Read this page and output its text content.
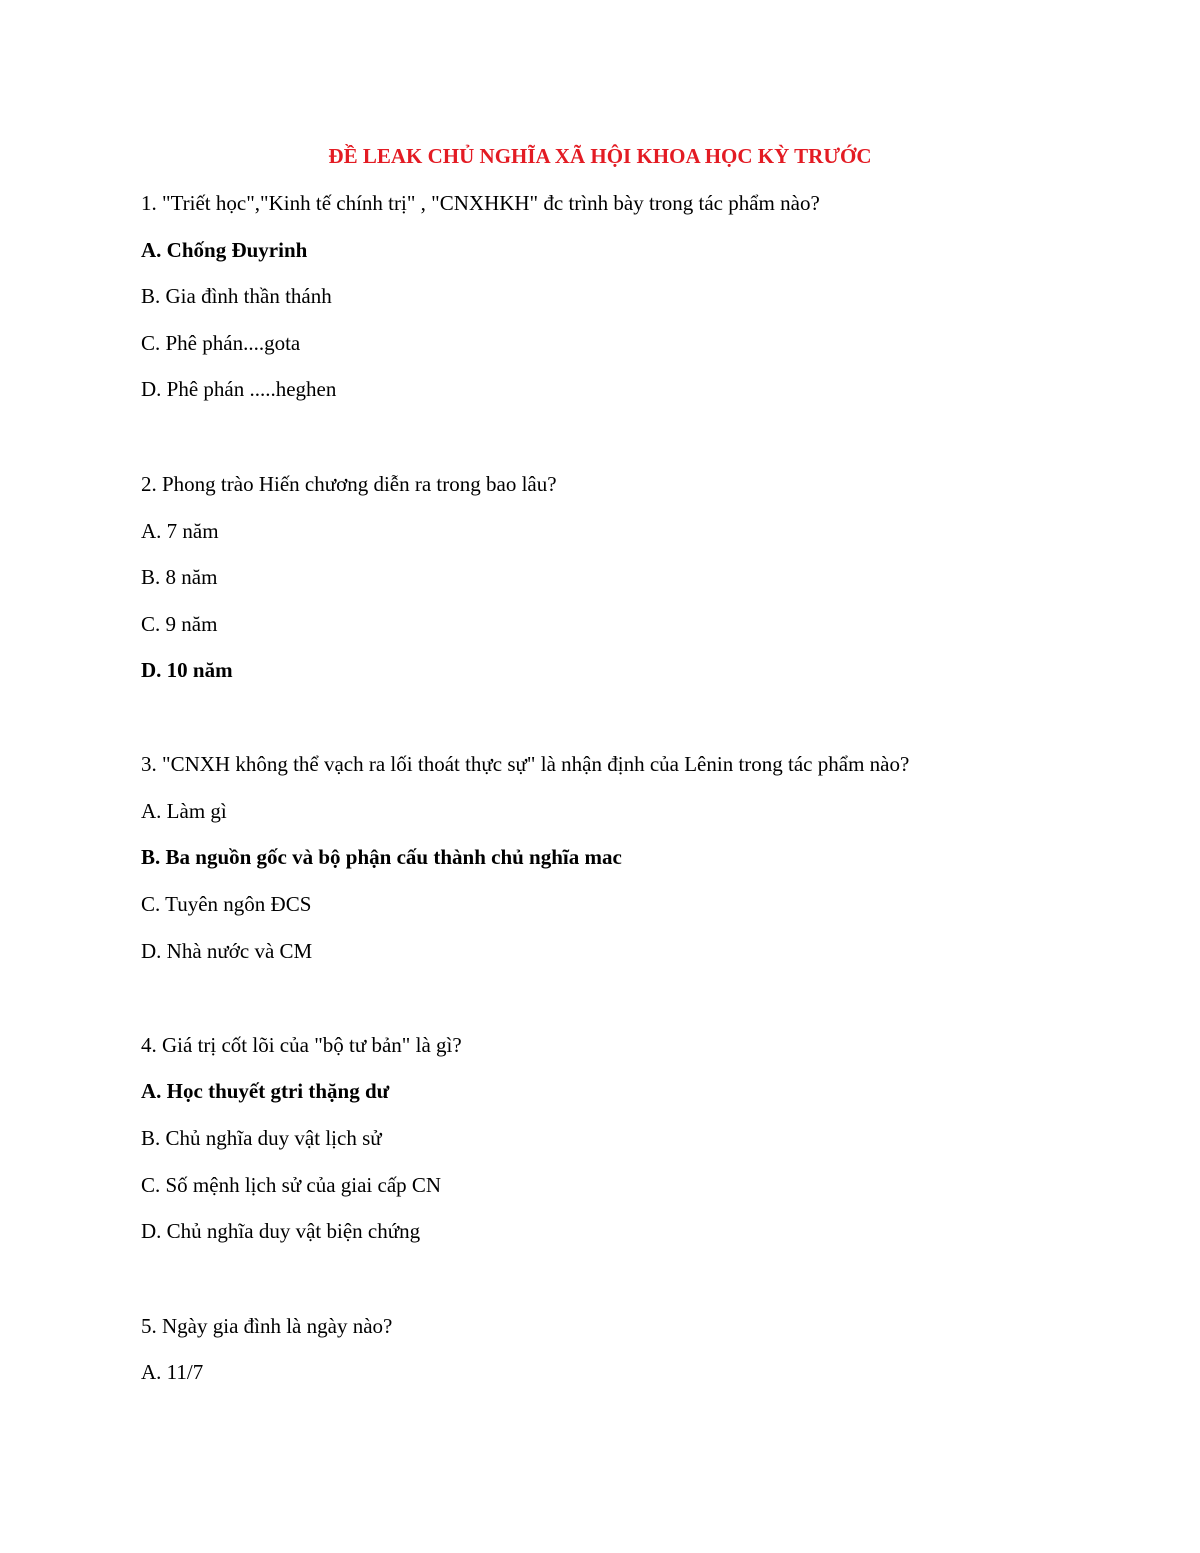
ĐỀ LEAK CHỦ NGHĨA XÃ HỘI KHOA HỌC KỲ TRƯỚC
1. "Triết học","Kinh tế chính trị" , "CNXHKH" đc trình bày trong tác phẩm nào?
A. Chống Đuyrinh
B. Gia đình thần thánh
C. Phê phán....gota
D. Phê phán .....heghen
2. Phong trào Hiến chương diễn ra trong bao lâu?
A. 7 năm
B. 8 năm
C. 9 năm
D. 10 năm
3. "CNXH không thể vạch ra lối thoát thực sự" là nhận định của Lênin trong tác phẩm nào?
A. Làm gì
B. Ba nguồn gốc và bộ phận cấu thành chủ nghĩa mac
C. Tuyên ngôn ĐCS
D. Nhà nước và CM
4. Giá trị cốt lõi của "bộ tư bản" là gì?
A. Học thuyết gtri thặng dư
B. Chủ nghĩa duy vật lịch sử
C. Số mệnh lịch sử của giai cấp CN
D. Chủ nghĩa duy vật biện chứng
5. Ngày gia đình là ngày nào?
A. 11/7
